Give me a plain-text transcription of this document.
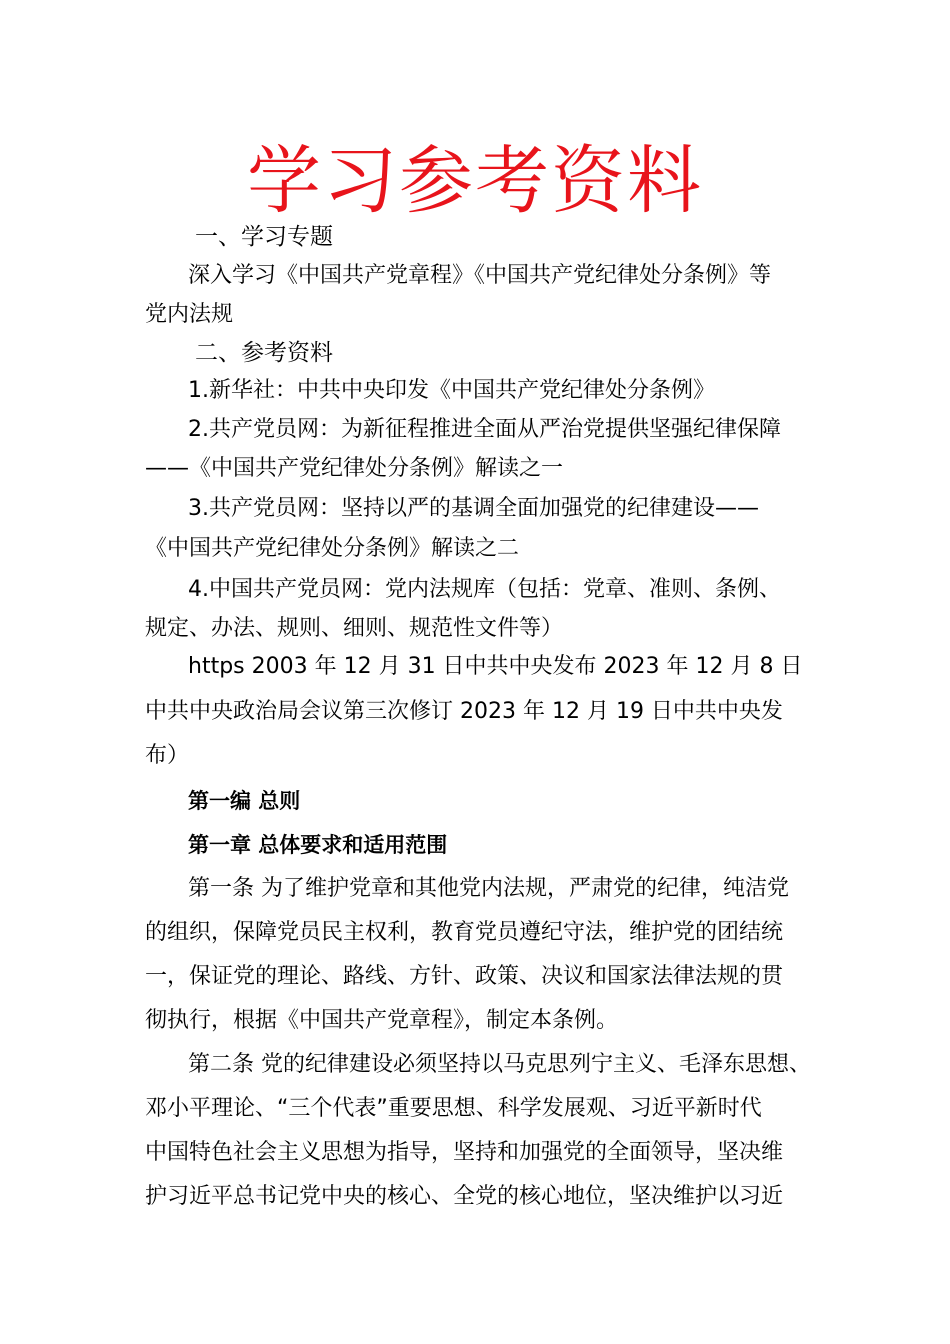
学习参考资料
一、学习专题
深入学习《中国共产党章程》《中国共产党纪律处分条例》等
党内法规
二、参考资料
1.新华社：中共中央印发《中国共产党纪律处分条例》
2.共产党员网：为新征程推进全面从严治党提供坚强纪律保障
——《中国共产党纪律处分条例》解读之一
3.共产党员网：坚持以严的基调全面加强党的纪律建设——
《中国共产党纪律处分条例》解读之二
4.中国共产党员网：党内法规库（包括：党章、准则、条例、
规定、办法、规则、细则、规范性文件等）
https 2003 年 12 月 31 日中共中央发布 2023 年 12 月 8 日
中共中央政治局会议第三次修订 2023 年 12 月 19 日中共中央发
布）
第一编 总则
第一章 总体要求和适用范围
第一条 为了维护党章和其他党内法规，严肃党的纪律，纯洁党
的组织，保障党员民主权利，教育党员遵纪守法，维护党的团结统
一，保证党的理论、路线、方针、政策、决议和国家法律法规的贯
彻执行，根据《中国共产党章程》，制定本条例。
第二条 党的纪律建设必须坚持以马克思列宁主义、毛泽东思想、
邓小平理论、“三个代表”重要思想、科学发展观、习近平新时代
中国特色社会主义思想为指导，坚持和加强党的全面领导，坚决维
护习近平总书记党中央的核心、全党的核心地位，坚决维护以习近
